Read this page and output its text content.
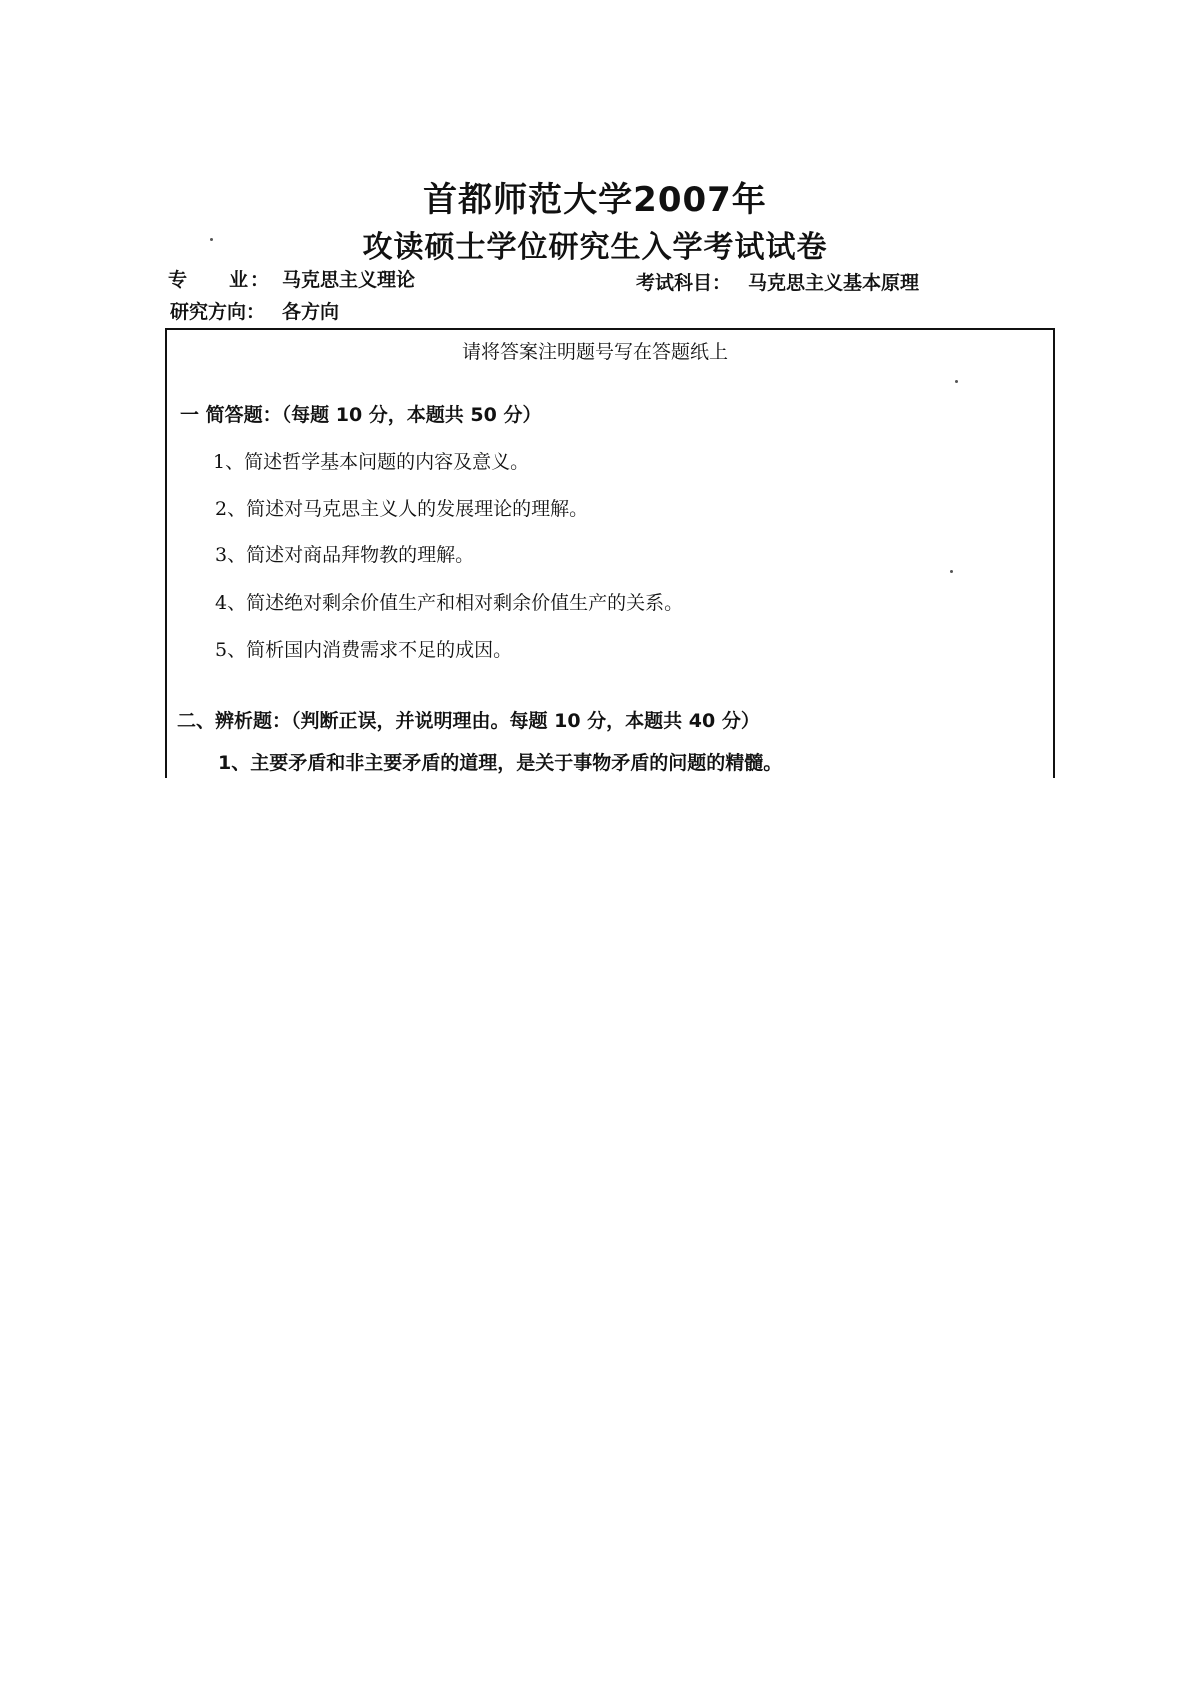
首都师范大学2007年
攻读硕士学位研究生入学考试试卷
专 业： 马克思主义理论	考试科目： 马克思主义基本原理
研究方向： 各方向
请将答案注明题号写在答题纸上
一 简答题：（每题 10 分，本题共 50 分）
1、简述哲学基本问题的内容及意义。
2、简述对马克思主义人的发展理论的理解。
3、简述对商品拜物教的理解。
4、简述绝对剩余价值生产和相对剩余价值生产的关系。
5、简析国内消费需求不足的成因。
二、辨析题：（判断正误，并说明理由。每题 10 分，本题共 40 分）
1、主要矛盾和非主要矛盾的道理，是关于事物矛盾的问题的精髓。
